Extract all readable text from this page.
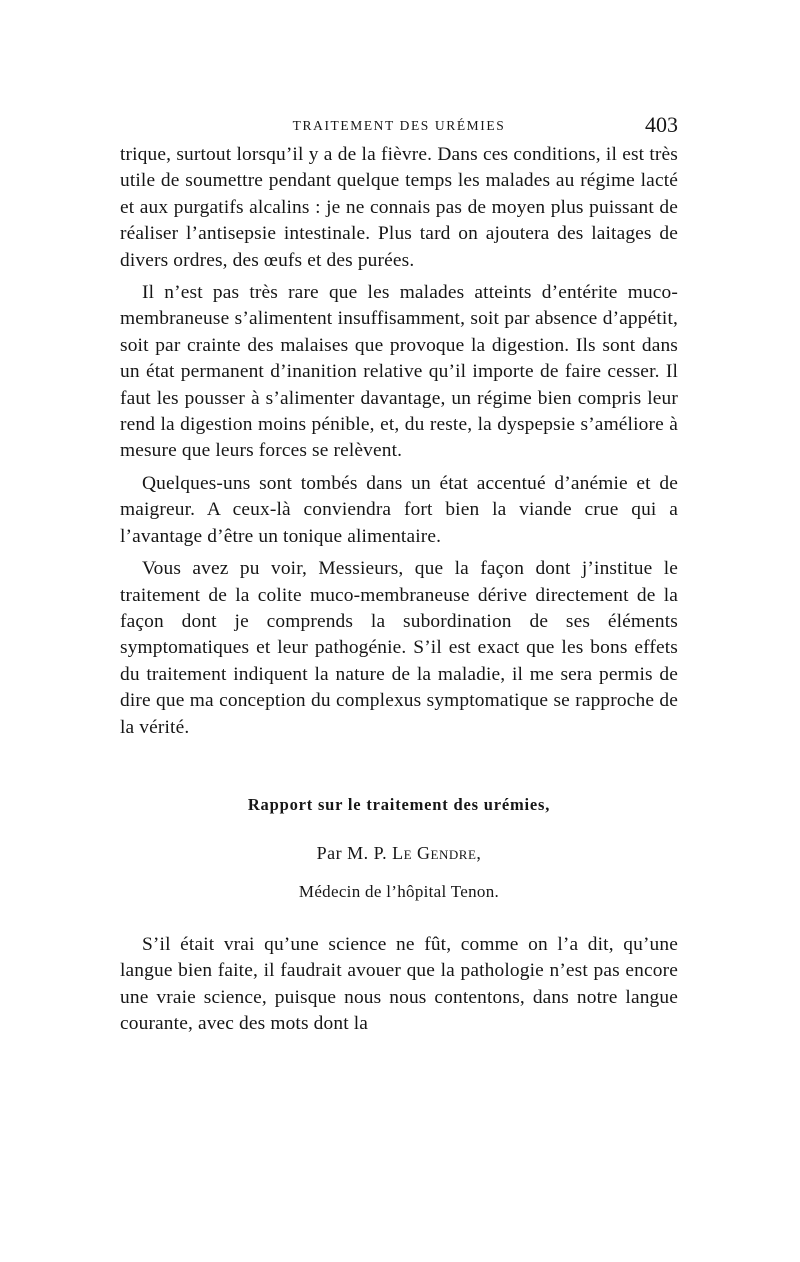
TRAITEMENT DES URÉMIES	403

trique, surtout lorsqu’il y a de la fièvre. Dans ces conditions, il est très utile de soumettre pendant quelque temps les malades au régime lacté et aux purgatifs alcalins : je ne connais pas de moyen plus puissant de réaliser l’antisepsie intestinale. Plus tard on ajoutera des laitages de divers ordres, des œufs et des purées.

Il n’est pas très rare que les malades atteints d’entérite muco-membraneuse s’alimentent insuffisamment, soit par absence d’appétit, soit par crainte des malaises que provoque la digestion. Ils sont dans un état permanent d’inanition relative qu’il importe de faire cesser. Il faut les pousser à s’alimenter davantage, un régime bien compris leur rend la digestion moins pénible, et, du reste, la dyspepsie s’améliore à mesure que leurs forces se relèvent.

Quelques-uns sont tombés dans un état accentué d’anémie et de maigreur. A ceux-là conviendra fort bien la viande crue qui a l’avantage d’être un tonique alimentaire.

Vous avez pu voir, Messieurs, que la façon dont j’institue le traitement de la colite muco-membraneuse dérive directement de la façon dont je comprends la subordination de ses éléments symptomatiques et leur pathogénie. S’il est exact que les bons effets du traitement indiquent la nature de la maladie, il me sera permis de dire que ma conception du complexus symptomatique se rapproche de la vérité.

Rapport sur le traitement des urémies,
Par M. P. Le Gendre,
Médecin de l’hôpital Tenon.

S’il était vrai qu’une science ne fût, comme on l’a dit, qu’une langue bien faite, il faudrait avouer que la pathologie n’est pas encore une vraie science, puisque nous nous contentons, dans notre langue courante, avec des mots dont la
